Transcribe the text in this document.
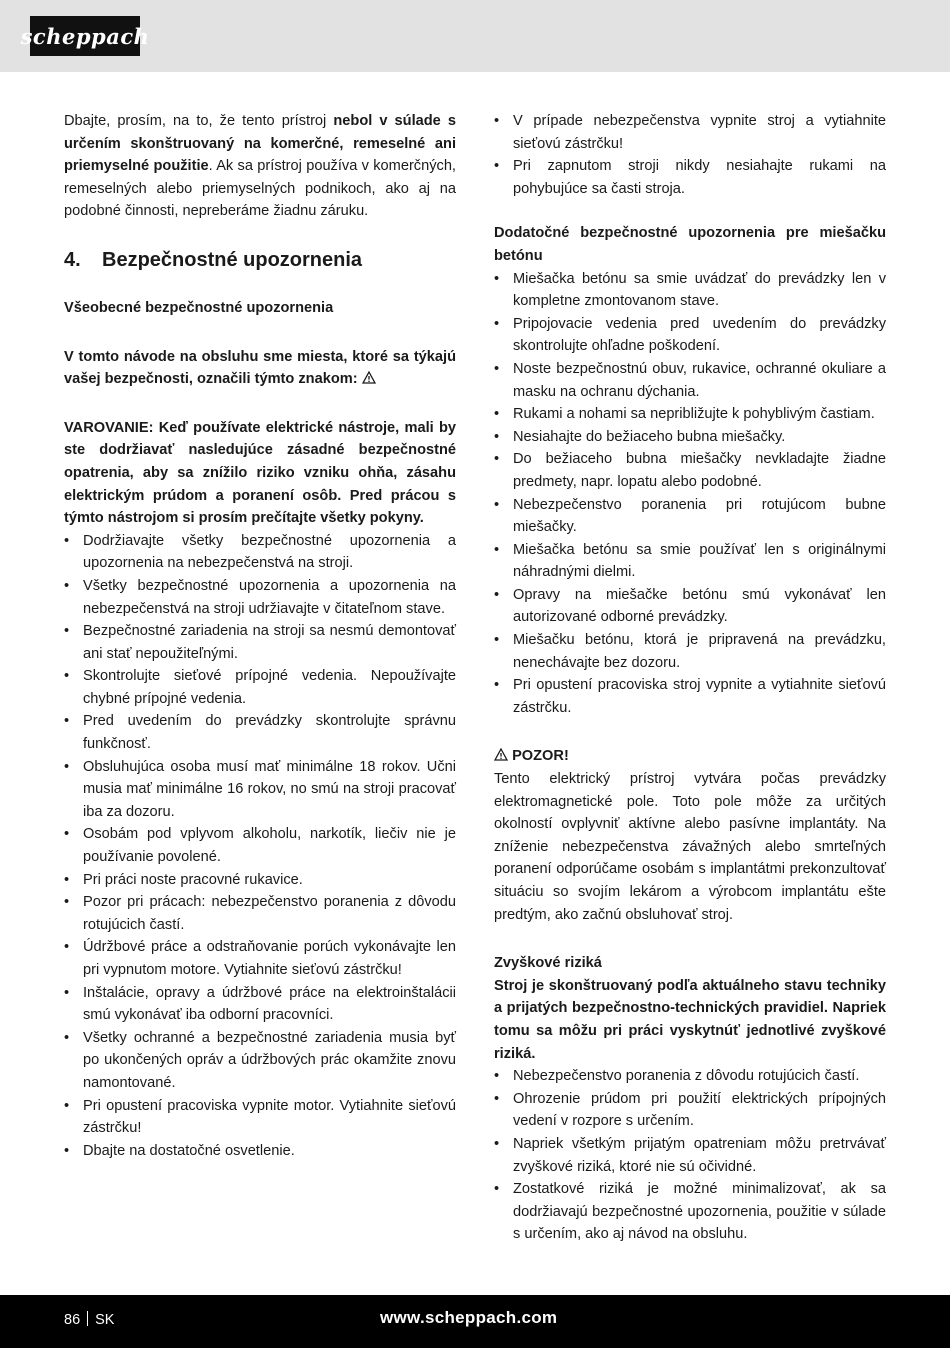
scheppach

Dbajte, prosím, na to, že tento prístroj nebol v súlade s určením skonštruovaný na komerčné, remeselné ani priemyselné použitie. Ak sa prístroj používa v komerčných, remeselných alebo priemyselných podnikoch, ako aj na podobné činnosti, nepreberáme žiadnu záruku.

4. Bezpečnostné upozornenia

Všeobecné bezpečnostné upozornenia

V tomto návode na obsluhu sme miesta, ktoré sa týkajú vašej bezpečnosti, označili týmto znakom:

VAROVANIE: Keď používate elektrické nástroje, mali by ste dodržiavať nasledujúce zásadné bezpečnostné opatrenia, aby sa znížilo riziko vzniku ohňa, zásahu elektrickým prúdom a poranení osôb. Pred prácou s týmto nástrojom si prosím prečítajte všetky pokyny.

• Dodržiavajte všetky bezpečnostné upozornenia a upozornenia na nebezpečenstvá na stroji.
• Všetky bezpečnostné upozornenia a upozornenia na nebezpečenstvá na stroji udržiavajte v čitateľnom stave.
• Bezpečnostné zariadenia na stroji sa nesmú demontovať ani stať nepoužiteľnými.
• Skontrolujte sieťové prípojné vedenia. Nepoužívajte chybné prípojné vedenia.
• Pred uvedením do prevádzky skontrolujte správnu funkčnosť.
• Obsluhujúca osoba musí mať minimálne 18 rokov. Učni musia mať minimálne 16 rokov, no smú na stroji pracovať iba za dozoru.
• Osobám pod vplyvom alkoholu, narkotík, liečiv nie je používanie povolené.
• Pri práci noste pracovné rukavice.
• Pozor pri prácach: nebezpečenstvo poranenia z dôvodu rotujúcich častí.
• Údržbové práce a odstraňovanie porúch vykonávajte len pri vypnutom motore. Vytiahnite sieťovú zástrčku!
• Inštalácie, opravy a údržbové práce na elektroinštalácii smú vykonávať iba odborní pracovníci.
• Všetky ochranné a bezpečnostné zariadenia musia byť po ukončených opráv a údržbových prác okamžite znovu namontované.
• Pri opustení pracoviska vypnite motor. Vytiahnite sieťovú zástrčku!
• Dbajte na dostatočné osvetlenie.
• V prípade nebezpečenstva vypnite stroj a vytiahnite sieťovú zástrčku!
• Pri zapnutom stroji nikdy nesiahajte rukami na pohybujúce sa časti stroja.

Dodatočné bezpečnostné upozornenia pre miešačku betónu

• Miešačka betónu sa smie uvádzať do prevádzky len v kompletne zmontovanom stave.
• Pripojovacie vedenia pred uvedením do prevádzky skontrolujte ohľadne poškodení.
• Noste bezpečnostnú obuv, rukavice, ochranné okuliare a masku na ochranu dýchania.
• Rukami a nohami sa nepribližujte k pohyblivým častiam.
• Nesiahajte do bežiaceho bubna miešačky.
• Do bežiaceho bubna miešačky nevkladajte žiadne predmety, napr. lopatu alebo podobné.
• Nebezpečenstvo poranenia pri rotujúcom bubne miešačky.
• Miešačka betónu sa smie používať len s originálnymi náhradnými dielmi.
• Opravy na miešačke betónu smú vykonávať len autorizované odborné prevádzky.
• Miešačku betónu, ktorá je pripravená na prevádzku, nenechávajte bez dozoru.
• Pri opustení pracoviska stroj vypnite a vytiahnite sieťovú zástrčku.

POZOR!

Tento elektrický prístroj vytvára počas prevádzky elektromagnetické pole. Toto pole môže za určitých okolností ovplyvniť aktívne alebo pasívne implantáty. Na zníženie nebezpečenstva závažných alebo smrteľných poranení odporúčame osobám s implantátmi prekonzultovať situáciu so svojím lekárom a výrobcom implantátu ešte predtým, ako začnú obsluhovať stroj.

Zvyškové riziká

Stroj je skonštruovaný podľa aktuálneho stavu techniky a prijatých bezpečnostno-technických pravidiel. Napriek tomu sa môžu pri práci vyskytnúť jednotlivé zvyškové riziká.

• Nebezpečenstvo poranenia z dôvodu rotujúcich častí.
• Ohrozenie prúdom pri použití elektrických prípojných vedení v rozpore s určením.
• Napriek všetkým prijatým opatreniam môžu pretrvávať zvyškové riziká, ktoré nie sú očividné.
• Zostatkové riziká je možné minimalizovať, ak sa dodržiavajú bezpečnostné upozornenia, použitie v súlade s určením, ako aj návod na obsluhu.
86 SK	www.scheppach.com
